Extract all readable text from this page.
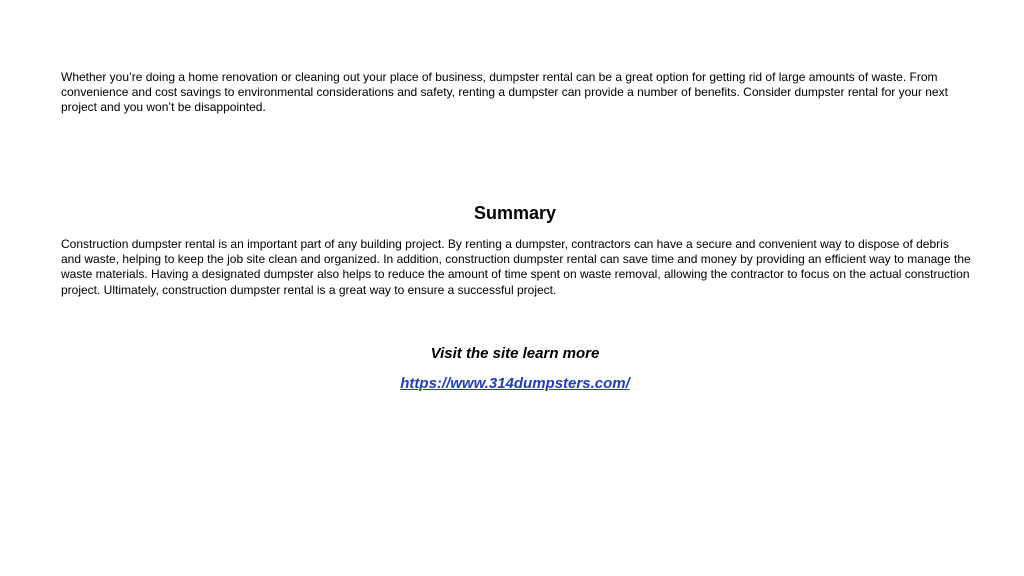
Whether you’re doing a home renovation or cleaning out your place of business, dumpster rental can be a great option for getting rid of large amounts of waste. From convenience and cost savings to environmental considerations and safety, renting a dumpster can provide a number of benefits. Consider dumpster rental for your next project and you won’t be disappointed.

Summary

Construction dumpster rental is an important part of any building project. By renting a dumpster, contractors can have a secure and convenient way to dispose of debris and waste, helping to keep the job site clean and organized. In addition, construction dumpster rental can save time and money by providing an efficient way to manage the waste materials. Having a designated dumpster also helps to reduce the amount of time spent on waste removal, allowing the contractor to focus on the actual construction project. Ultimately, construction dumpster rental is a great way to ensure a successful project.

Visit the site learn more

https://www.314dumpsters.com/
